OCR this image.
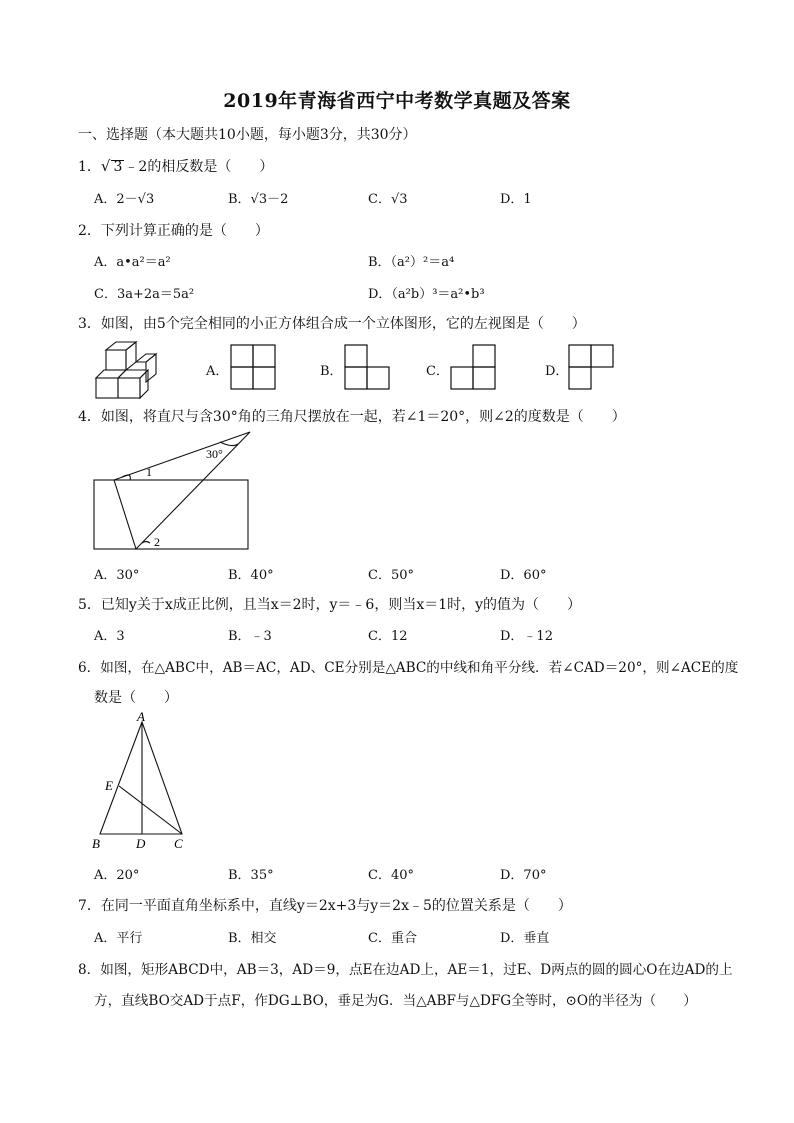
2019年青海省西宁中考数学真题及答案
一、选择题（本大题共10小题，每小题3分，共30分）
1．√ 3 ﹣2的相反数是（　　）
A．2－√3	B．√3－2	C．√3	D．1
2．下列计算正确的是（　　）
A．a•a²＝a²	B．（a²）²＝a⁴
C．3a+2a＝5a²	D．（a²b）³＝a²•b³
3．如图，由5个完全相同的小正方体组合成一个立体图形，它的左视图是（　　）
A．	B．	C．	D．
4．如图，将直尺与含30°角的三角尺摆放在一起，若∠1＝20°，则∠2的度数是（　　）
30°
1
2
A．30°	B．40°	C．50°	D．60°
5．已知y关于x成正比例，且当x＝2时，y＝﹣6，则当x＝1时，y的值为（　　）
A．3	B．﹣3	C．12	D．﹣12
6．如图，在△ABC中，AB＝AC，AD、CE分别是△ABC的中线和角平分线．若∠CAD＝20°，则∠ACE的度
数是（　　）
A
B	C
D
E
A．20°	B．35°	C．40°	D．70°
7．在同一平面直角坐标系中，直线y＝2x+3与y＝2x﹣5的位置关系是（　　）
A．平行	B．相交	C．重合	D．垂直
8．如图，矩形ABCD中，AB＝3，AD＝9，点E在边AD上，AE＝1，过E、D两点的圆的圆心O在边AD的上
方，直线BO交AD于点F，作DG⊥BO，垂足为G．当△ABF与△DFG全等时，⊙O的半径为（　　）
